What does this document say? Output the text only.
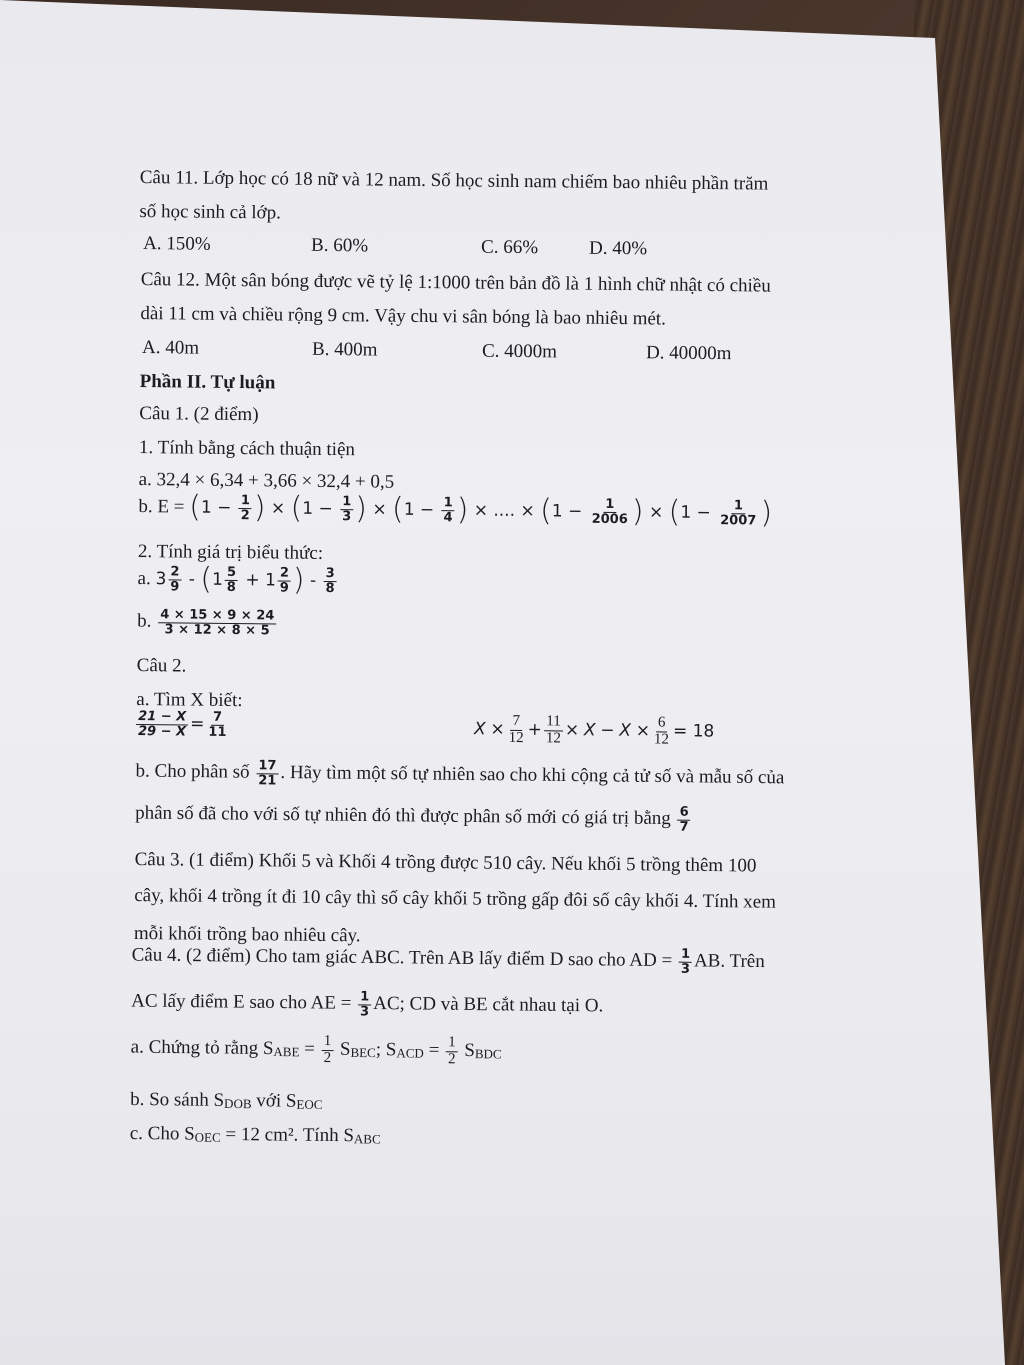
Câu 11. Lớp học có 18 nữ và 12 nam. Số học sinh nam chiếm bao nhiêu phần trăm
số học sinh cả lớp.
A. 150%	B. 60%	C. 66%	D. 40%
Câu 12. Một sân bóng được vẽ tỷ lệ 1:1000 trên bản đồ là 1 hình chữ nhật có chiều
dài 11 cm và chiều rộng 9 cm. Vậy chu vi sân bóng là bao nhiêu mét.
A. 40m	B. 400m	C. 4000m	D. 40000m
Phần II. Tự luận
Câu 1. (2 điểm)
1. Tính bằng cách thuận tiện
a. 32,4 × 6,34 + 3,66 × 32,4 + 0,5
b. $E = (1 - \frac{1}{2}$ ) × ($1 - \frac{1}{3}$ ) × ($1 - \frac{1}{4}$ ) × .... × ($1 - \frac{1}{2006}$ ) × ($1 - \frac{1}{2007}$ )
2. Tính giá trị biểu thức:
a. $3 \frac{2}{9} - (1 \frac{5}{8} + 1 \frac{2}{9}$ ) - $\frac{3}{8}$
b. $\frac{4 \times 15 \times 9 \times 24}{3 \times 12 \times 8 \times 5}$
Câu 2.
a. Tìm X biết:
$\frac{21 - X}{29 - X} = \frac{7}{11}$	$X \times \frac{7}{12} + \frac{11}{12} \times X - X \times \frac{6}{12} = 18$
b. Cho phân số $\frac{17}{21}$ . Hãy tìm một số tự nhiên sao cho khi cộng cả tử số và mẫu số của
phân số đã cho với số tự nhiên đó thì được phân số mới có giá trị bằng $\frac{6}{7}$
Câu 3. (1 điểm) Khối 5 và Khối 4 trồng được 510 cây. Nếu khối 5 trồng thêm 100
cây, khối 4 trồng ít đi 10 cây thì số cây khối 5 trồng gấp đôi số cây khối 4. Tính xem
mỗi khối trồng bao nhiêu cây.
Câu 4. (2 điểm) Cho tam giác ABC. Trên AB lấy điểm D sao cho AD = $\frac{1}{3}$ AB. Trên
AC lấy điểm E sao cho AE = $\frac{1}{3}$ AC; CD và BE cắt nhau tại O.
a. Chứng tỏ rằng SABE = $\frac{1}{2}$ SBEC; SACD = $\frac{1}{2}$ SBDC
b. So sánh SDOB với SEOC
c. Cho SOEC = 12 cm². Tính SABC
